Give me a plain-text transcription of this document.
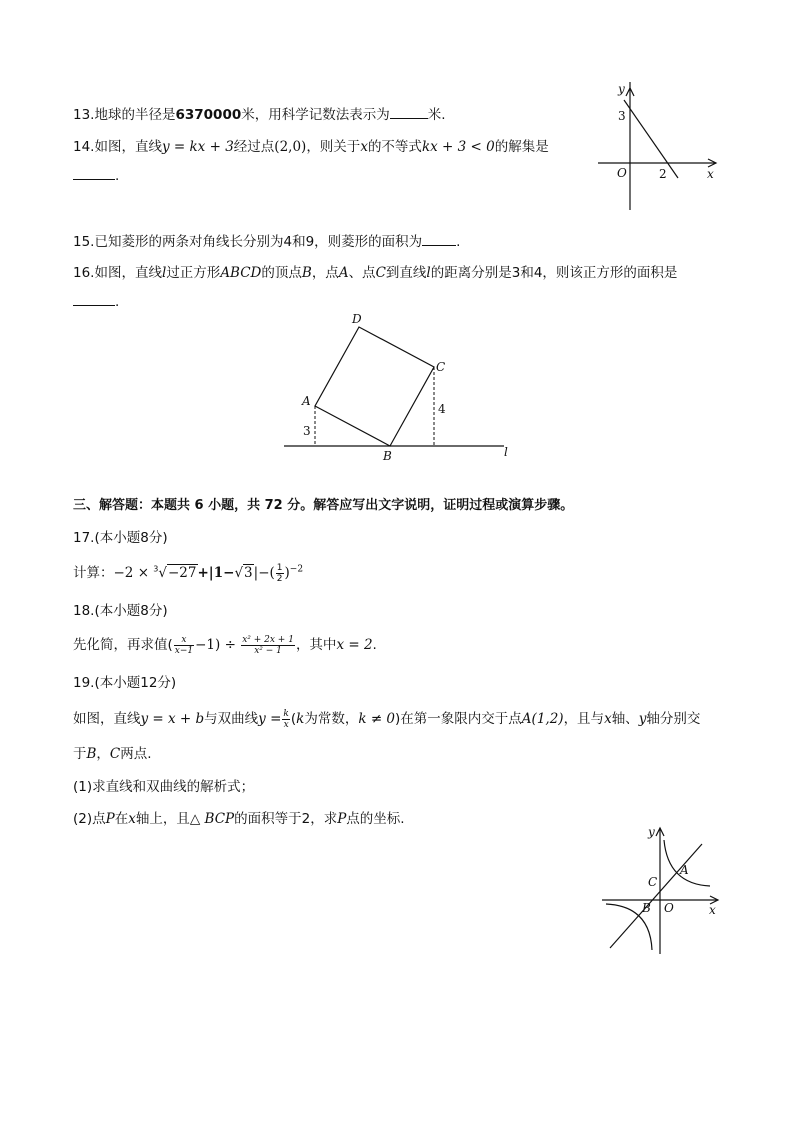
13.地球的半径是6370000米，用科学记数法表示为	米.
14.如图，直线y = kx + 3经过点(2,0)，则关于x的不等式kx + 3 < 0的解集是
.
y
x
O
3
2
15.已知菱形的两条对角线长分别为4和9，则菱形的面积为	.
16.如图，直线l过正方形ABCD的顶点B，点A、点C到直线l的距离分别是3和4，则该正方形的面积是
.
D
C
A
B	l
3
4
三、解答题：本题共 6 小题，共 72 分。解答应写出文字说明，证明过程或演算步骤。
17.(本小题8分)
计算：$-2 \times ^3√-27+|1-√3|-( \frac{1}{2} )^{-2}$
18.(本小题8分)
先化简，再求值( $\frac{x}{x-1} -1) \div \frac{\text{x² + 2x + 1}}{\text{x² − 1}}$ ，其中x = 2.
19.(本小题12分)
如图，直线y = x + b与双曲线$y = \frac{k}{x} (k$为常数，k ≠ 0)在第一象限内交于点A(1,2)，且与x轴、y轴分别交
于B，C两点.
(1)求直线和双曲线的解析式；
(2)点P在x轴上，且△ BCP的面积等于2，求P点的坐标.
y
x
O
A
B
C
